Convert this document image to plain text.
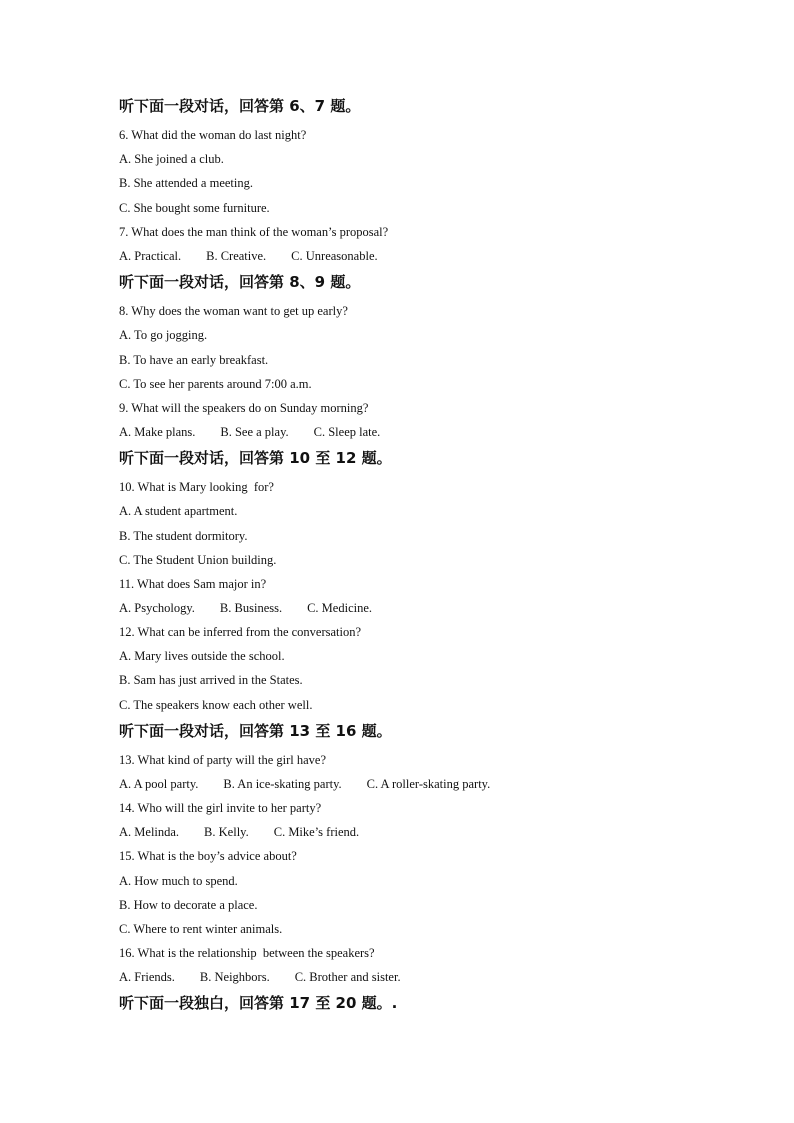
听下面一段对话，回答第 6、7 题。
6. What did the woman do last night?
A. She joined a club.
B. She attended a meeting.
C. She bought some furniture.
7. What does the man think of the woman’s proposal?
A. Practical.        B. Creative.        C. Unreasonable.
听下面一段对话，回答第 8、9 题。
8. Why does the woman want to get up early?
A. To go jogging.
B. To have an early breakfast.
C. To see her parents around 7:00 a.m.
9. What will the speakers do on Sunday morning?
A. Make plans.        B. See a play.        C. Sleep late.
听下面一段对话，回答第 10 至 12 题。
10. What is Mary looking  for?
A. A student apartment.
B. The student dormitory.
C. The Student Union building.
11. What does Sam major in?
A. Psychology.        B. Business.        C. Medicine.
12. What can be inferred from the conversation?
A. Mary lives outside the school.
B. Sam has just arrived in the States.
C. The speakers know each other well.
听下面一段对话，回答第 13 至 16 题。
13. What kind of party will the girl have?
A. A pool party.        B. An ice-skating party.        C. A roller-skating party.
14. Who will the girl invite to her party?
A. Melinda.        B. Kelly.        C. Mike’s friend.
15. What is the boy’s advice about?
A. How much to spend.
B. How to decorate a place.
C. Where to rent winter animals.
16. What is the relationship  between the speakers?
A. Friends.        B. Neighbors.        C. Brother and sister.
听下面一段独白，回答第 17 至 20 题。.
